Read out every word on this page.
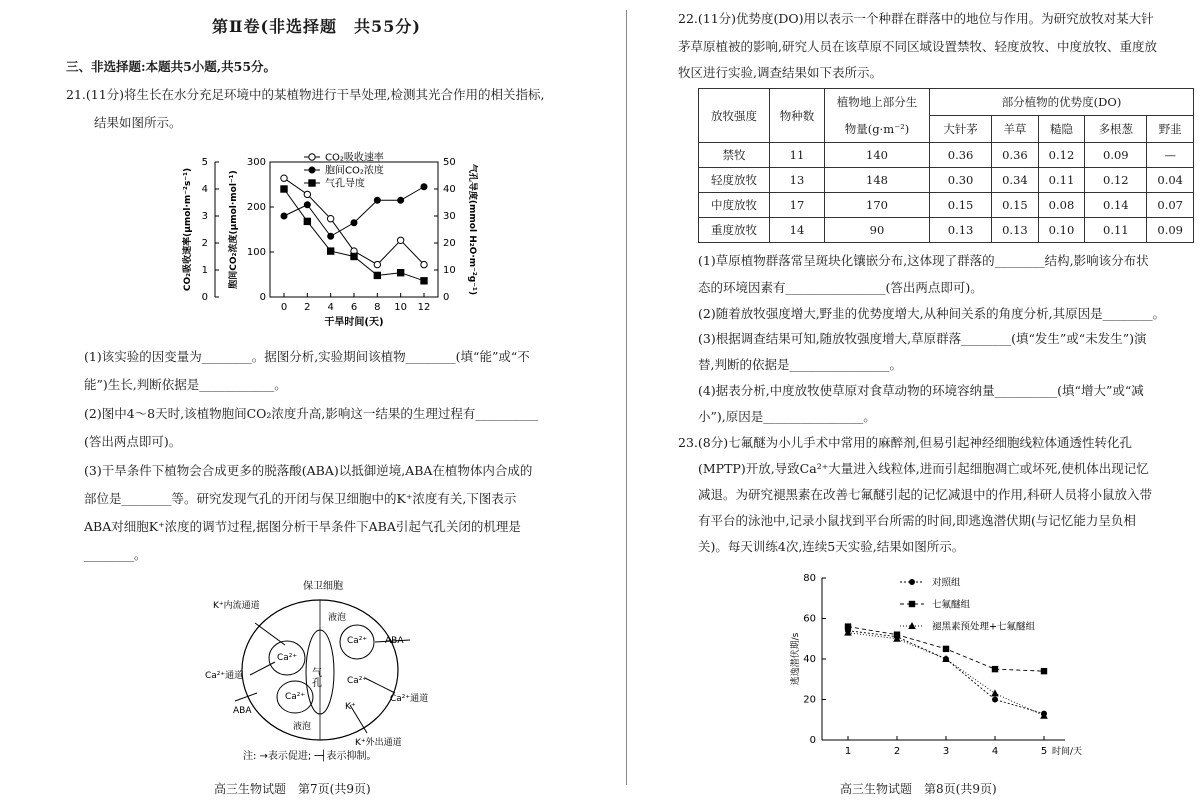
第Ⅱ卷(非选择题　共55分)
三、非选择题:本题共5小题,共55分。
21.(11分)将生长在水分充足环境中的某植物进行干旱处理,检测其光合作用的相关指标,
结果如图所示。
0
1
2
3
4
5
0
100
200
300
0
10
20
30
40
50
0 2 4 6 8 10 12
干旱时间(天)
CO₂吸收速率(μmol·m⁻²s⁻¹)	胞间CO₂浓度(μmol·mol⁻¹)	气孔导度(mmol H₂O·m⁻²g⁻¹)
CO₂吸收速率
胞间CO₂浓度
气孔导度
(1)该实验的因变量为________。据图分析,实验期间该植物________(填“能”或“不
能”)生长,判断依据是____________。
(2)图中4～8天时,该植物胞间CO₂浓度升高,影响这一结果的生理过程有__________
(答出两点即可)。
(3)干旱条件下植物会合成更多的脱落酸(ABA)以抵御逆境,ABA在植物体内合成的
部位是________等。研究发现气孔的开闭与保卫细胞中的K⁺浓度有关,下图表示
ABA对细胞K⁺浓度的调节过程,据图分析干旱条件下ABA引起气孔关闭的机理是
________。
保卫细胞
K⁺内流通道
Ca²⁺通道
ABA
ABA
Ca²⁺通道
K⁺外出通道
液泡
液泡
气孔
Ca²⁺
Ca²⁺
Ca²⁺
Ca²⁺
K⁺
注: →表示促进; ─┤表示抑制。
高三生物试题　第7页(共9页)
22.(11分)优势度(DO)用以表示一个种群在群落中的地位与作用。为研究放牧对某大针
茅草原植被的影响,研究人员在该草原不同区域设置禁牧、轻度放牧、中度放牧、重度放
牧区进行实验,调查结果如下表所示。
放牧强度	物种数	植物地上部分生	部分植物的优势度(DO)				
		物量(g·m⁻²)	大针茅	羊草	糙隐	多根葱	野韭
禁牧	11	140	0.36	0.36	0.12	0.09	—
轻度放牧	13	148	0.30	0.34	0.11	0.12	0.04
中度放牧	17	170	0.15	0.15	0.08	0.14	0.07
重度放牧	14	90	0.13	0.13	0.10	0.11	0.09
(1)草原植物群落常呈斑块化镶嵌分布,这体现了群落的________结构,影响该分布状
态的环境因素有________________(答出两点即可)。
(2)随着放牧强度增大,野韭的优势度增大,从种间关系的角度分析,其原因是________。
(3)根据调查结果可知,随放牧强度增大,草原群落________(填“发生”或“未发生”)演
替,判断的依据是________________。
(4)据表分析,中度放牧使草原对食草动物的环境容纳量__________(填“增大”或“减
小”),原因是________________。
23.(8分)七氟醚为小儿手术中常用的麻醉剂,但易引起神经细胞线粒体通透性转化孔
(MPTP)开放,导致Ca²⁺大量进入线粒体,进而引起细胞凋亡或坏死,使机体出现记忆
减退。为研究褪黑素在改善七氟醚引起的记忆减退中的作用,科研人员将小鼠放入带
有平台的泳池中,记录小鼠找到平台所需的时间,即逃逸潜伏期(与记忆能力呈负相
关)。每天训练4次,连续5天实验,结果如图所示。
0
20
40
60
80
1	2	3	4	5 时间/天
逃逸潜伏期/s
对照组
七氟醚组
褪黑素预处理+七氟醚组
高三生物试题　第8页(共9页)
